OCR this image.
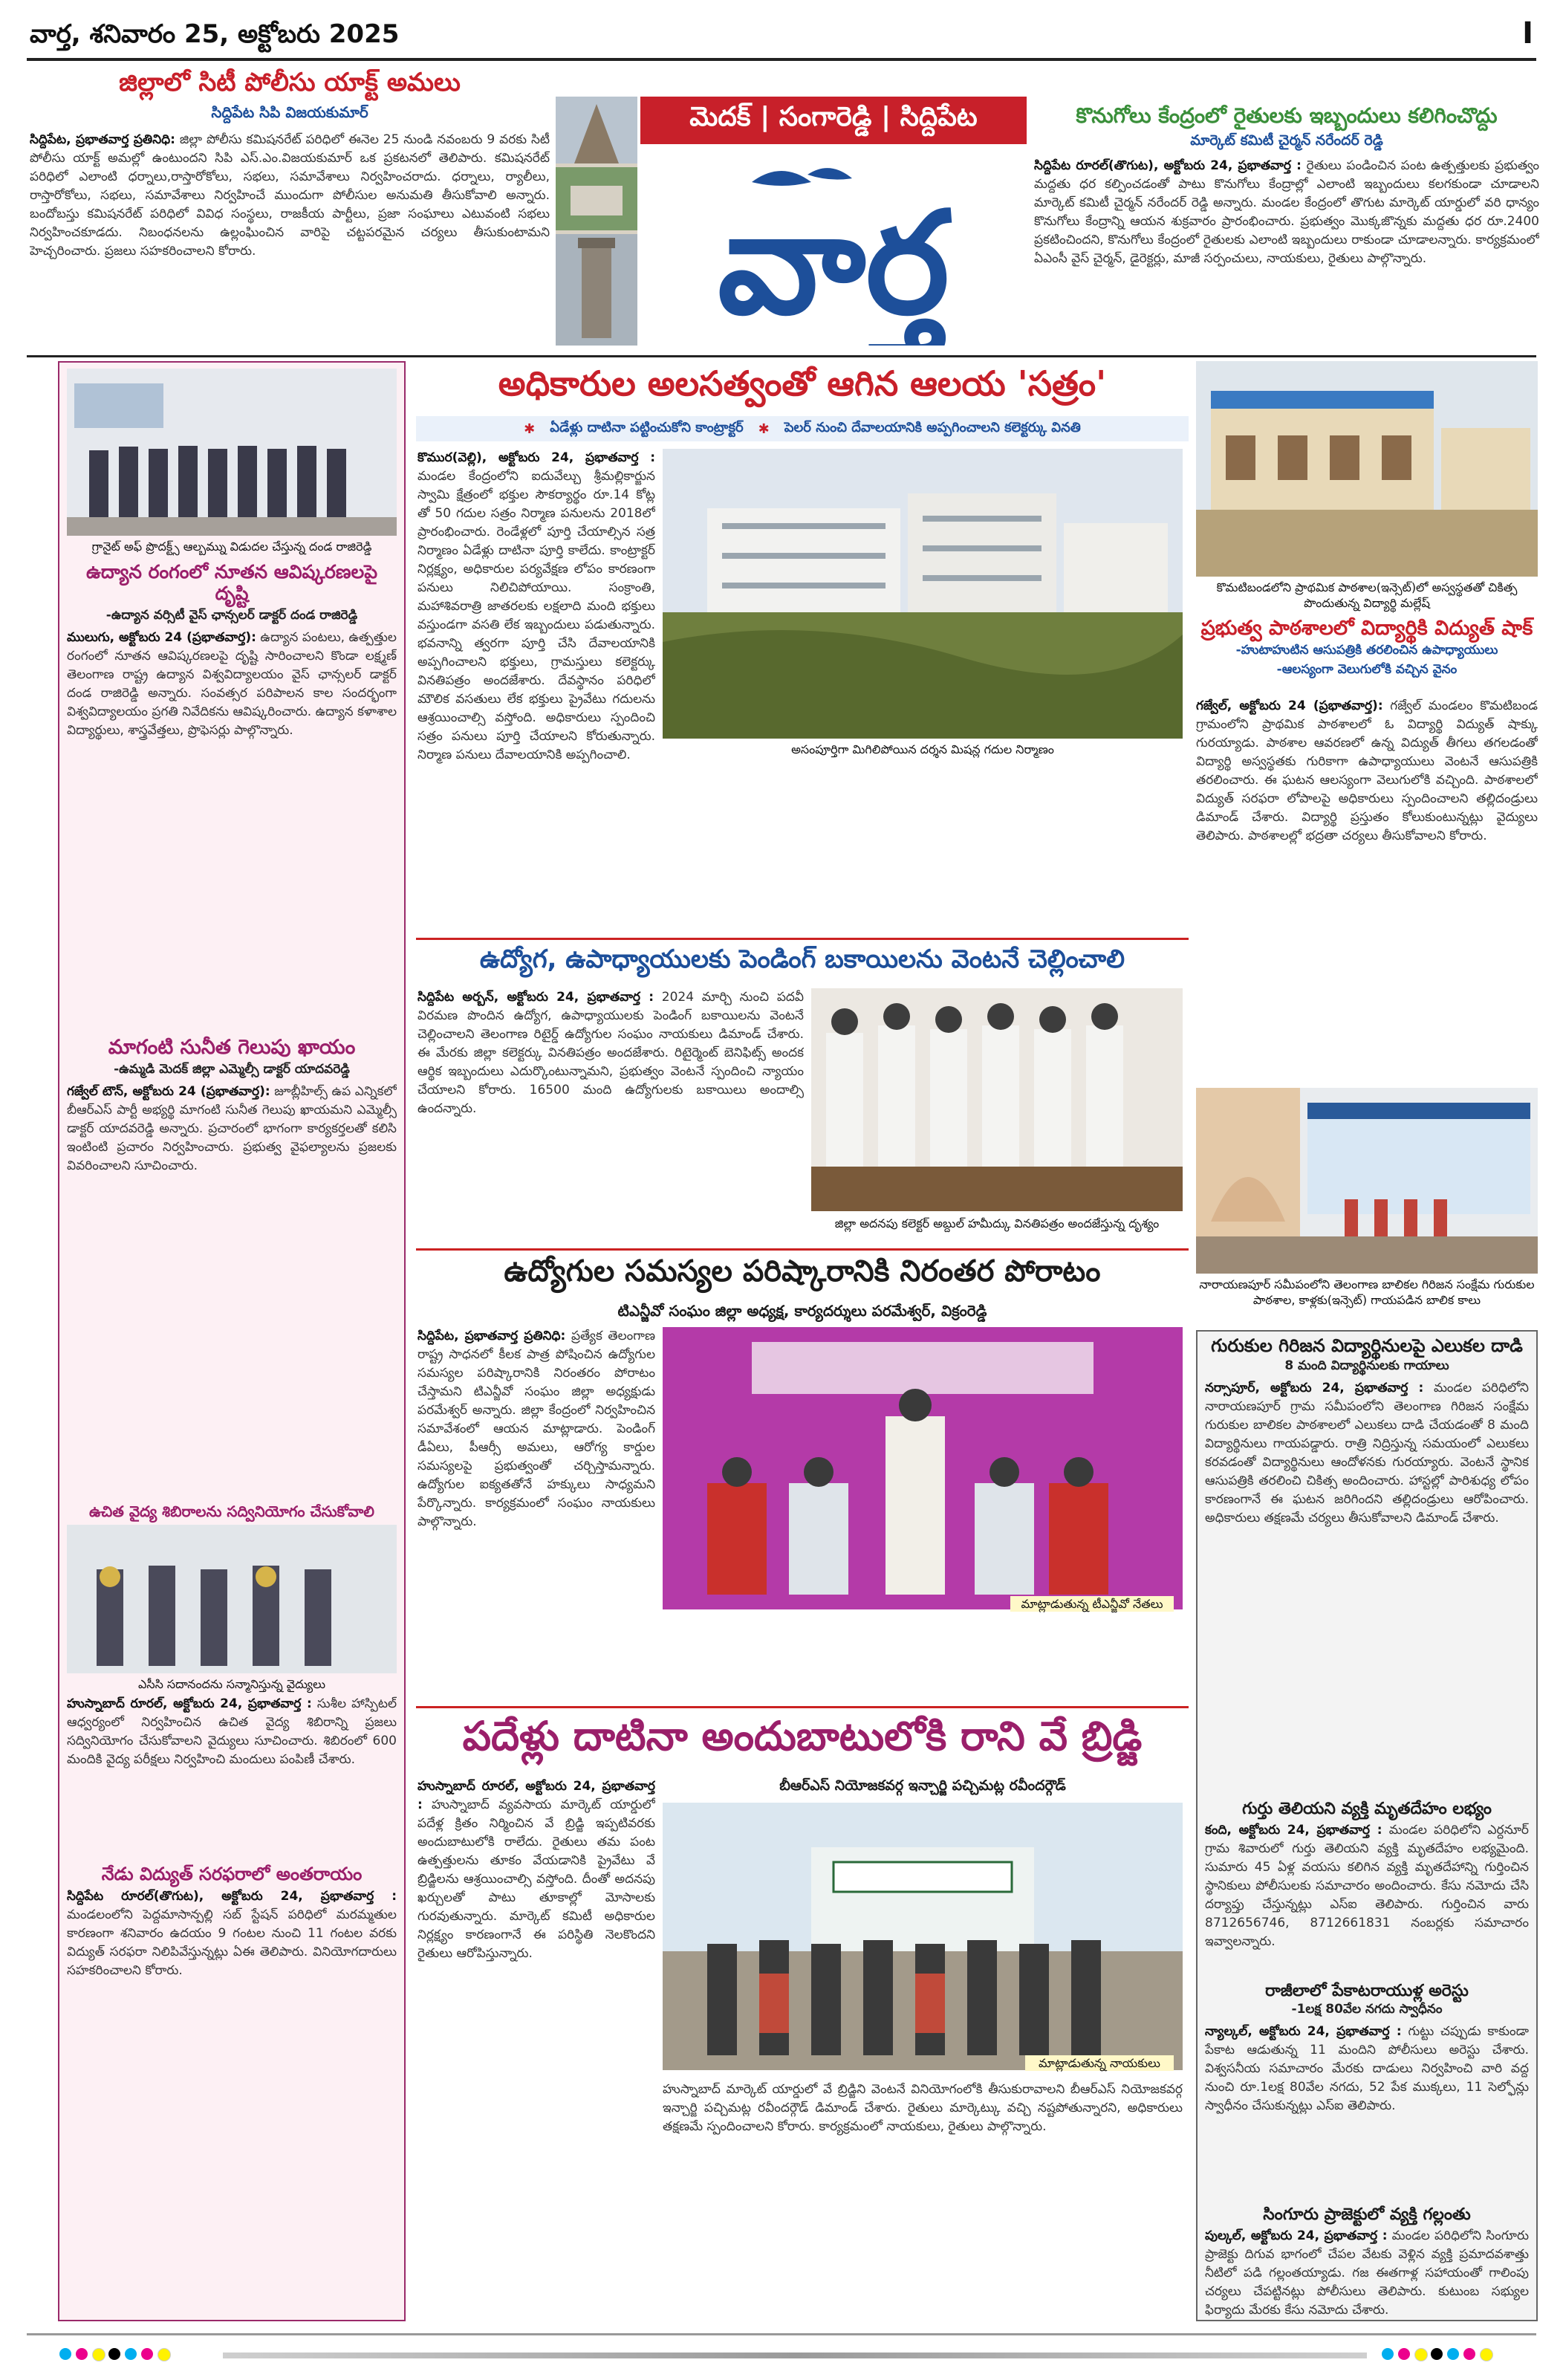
వార్త, శనివారం 25, అక్టోబరు 2025	I
జిల్లాలో సిటీ పోలీసు యాక్ట్ అమలు
సిద్దిపేట సిపి విజయకుమార్
సిద్దిపేట, ప్రభాతవార్త ప్రతినిధి: జిల్లా పోలీసు కమిషనరేట్ పరిధిలో ఈనెల 25 నుండి నవంబరు 9 వరకు సిటీ పోలీసు యాక్ట్ అమల్లో ఉంటుందని సిపి ఎస్.ఎం.విజయకుమార్ ఒక ప్రకటనలో తెలిపారు. కమిషనరేట్ పరిధిలో ఎలాంటి ధర్నాలు,రాస్తారోకోలు, సభలు, సమావేశాలు నిర్వహించరాదు. ధర్నాలు, ర్యాలీలు, రాస్తారోకోలు, సభలు, సమావేశాలు నిర్వహించే ముందుగా పోలీసుల అనుమతి తీసుకోవాలి అన్నారు. బందోబస్తు కమిషనరేట్ పరిధిలో వివిధ సంస్థలు, రాజకీయ పార్టీలు, ప్రజా సంఘాలు ఎటువంటి సభలు నిర్వహించకూడదు. నిబంధనలను ఉల్లంఘించిన వారిపై చట్టపరమైన చర్యలు తీసుకుంటామని హెచ్చరించారు. ప్రజలు సహకరించాలని కోరారు.
మెదక్ | సంగారెడ్డి | సిద్దిపేట
వార్త
కొనుగోలు కేంద్రంలో రైతులకు ఇబ్బందులు కలిగించొద్దు
మార్కెట్ కమిటీ చైర్మన్ నరేందర్ రెడ్డి
సిద్దిపేట రూరల్(తొగుట), అక్టోబరు 24, ప్రభాతవార్త : రైతులు పండించిన పంట ఉత్పత్తులకు ప్రభుత్వం మద్దతు ధర కల్పించడంతో పాటు కొనుగోలు కేంద్రాల్లో ఎలాంటి ఇబ్బందులు కలగకుండా చూడాలని మార్కెట్ కమిటీ చైర్మన్ నరేందర్ రెడ్డి అన్నారు. మండల కేంద్రంలో తొగుట మార్కెట్ యార్డులో వరి ధాన్యం కొనుగోలు కేంద్రాన్ని ఆయన శుక్రవారం ప్రారంభించారు. ప్రభుత్వం మొక్కజొన్నకు మద్దతు ధర రూ.2400 ప్రకటించిందని, కొనుగోలు కేంద్రంలో రైతులకు ఎలాంటి ఇబ్బందులు రాకుండా చూడాలన్నారు. కార్యక్రమంలో ఏఎంసీ వైస్ చైర్మన్, డైరెక్టర్లు, మాజీ సర్పంచులు, నాయకులు, రైతులు పాల్గొన్నారు.
గ్రానైట్ అఫ్ ప్రొదక్ట్స్ ఆల్బమ్ను విడుదల చేస్తున్న దండ రాజిరెడ్డి
ఉద్యాన రంగంలో నూతన ఆవిష్కరణలపై దృష్టి
-ఉద్యాన వర్సిటీ వైస్ ఛాన్సలర్ డాక్టర్ దండ రాజిరెడ్డి
ములుగు, అక్టోబరు 24 (ప్రభాతవార్త): ఉద్యాన పంటలు, ఉత్పత్తుల రంగంలో నూతన ఆవిష్కరణలపై దృష్టి సారించాలని కొండా లక్ష్మణ్ తెలంగాణ రాష్ట్ర ఉద్యాన విశ్వవిద్యాలయం వైస్ ఛాన్సలర్ డాక్టర్ దండ రాజిరెడ్డి అన్నారు. సంవత్సర పరిపాలన కాల సందర్భంగా విశ్వవిద్యాలయం ప్రగతి నివేదికను ఆవిష్కరించారు. ఉద్యాన కళాశాల విద్యార్థులు, శాస్త్రవేత్తలు, ప్రొఫెసర్లు పాల్గొన్నారు.
మాగంటి సునీత గెలుపు ఖాయం
-ఉమ్మడి మెదక్ జిల్లా ఎమ్మెల్సీ డాక్టర్ యాదవరెడ్డి
గజ్వేల్ టౌన్, అక్టోబరు 24 (ప్రభాతవార్త): జూబ్లీహిల్స్ ఉప ఎన్నికలో బీఆర్ఎస్ పార్టీ అభ్యర్థి మాగంటి సునీత గెలుపు ఖాయమని ఎమ్మెల్సీ డాక్టర్ యాదవరెడ్డి అన్నారు. ప్రచారంలో భాగంగా కార్యకర్తలతో కలిసి ఇంటింటి ప్రచారం నిర్వహించారు. ప్రభుత్వ వైఫల్యాలను ప్రజలకు వివరించాలని సూచించారు.
ఉచిత వైద్య శిబిరాలను సద్వినియోగం చేసుకోవాలి
ఎసీసి సదానందను సన్మానిస్తున్న వైద్యులు
హుస్నాబాద్ రూరల్, అక్టోబరు 24, ప్రభాతవార్త : సుశీల హాస్పిటల్ ఆధ్వర్యంలో నిర్వహించిన ఉచిత వైద్య శిబిరాన్ని ప్రజలు సద్వినియోగం చేసుకోవాలని వైద్యులు సూచించారు. శిబిరంలో 600 మందికి వైద్య పరీక్షలు నిర్వహించి మందులు పంపిణీ చేశారు.
నేడు విద్యుత్ సరఫరాలో అంతరాయం
సిద్దిపేట రూరల్(తొగుట), అక్టోబరు 24, ప్రభాతవార్త : మండలంలోని పెద్దమాసాన్పల్లి సబ్ స్టేషన్ పరిధిలో మరమ్మతుల కారణంగా శనివారం ఉదయం 9 గంటల నుంచి 11 గంటల వరకు విద్యుత్ సరఫరా నిలిపివేస్తున్నట్లు ఏఈ తెలిపారు. వినియోగదారులు సహకరించాలని కోరారు.
అధికారుల అలసత్వంతో ఆగిన ఆలయ 'సత్రం'
✱ ఏడేళ్లు దాటినా పట్టించుకోని కాంట్రాక్టర్ ✱ పెలర్ నుంచి దేవాలయానికి అప్పగించాలని కలెక్టర్కు వినతి
కొముర(వెల్లి), అక్టోబరు 24, ప్రభాతవార్త : మండల కేంద్రంలోని ఐదువేల్చు శ్రీమల్లికార్జున స్వామి క్షేత్రంలో భక్తుల సౌకర్యార్థం రూ.14 కోట్ల తో 50 గదుల సత్రం నిర్మాణ పనులను 2018లో ప్రారంభించారు. రెండేళ్లలో పూర్తి చేయాల్సిన సత్ర నిర్మాణం ఏడేళ్లు దాటినా పూర్తి కాలేదు. కాంట్రాక్టర్ నిర్లక్ష్యం, అధికారుల పర్యవేక్షణ లోపం కారణంగా పనులు నిలిచిపోయాయి. సంక్రాంతి, మహాశివరాత్రి జాతరలకు లక్షలాది మంది భక్తులు వస్తుండగా వసతి లేక ఇబ్బందులు పడుతున్నారు. భవనాన్ని త్వరగా పూర్తి చేసి దేవాలయానికి అప్పగించాలని భక్తులు, గ్రామస్తులు కలెక్టర్కు వినతిపత్రం అందజేశారు. దేవస్థానం పరిధిలో మౌలిక వసతులు లేక భక్తులు ప్రైవేటు గదులను ఆశ్రయించాల్సి వస్తోంది. అధికారులు స్పందించి సత్రం పనులు పూర్తి చేయాలని కోరుతున్నారు. నిర్మాణ పనులు దేవాలయానికి అప్పగించాలి.	అసంపూర్తిగా మిగిలిపోయిన దర్శన మిషన్ల గదుల నిర్మాణం
ఉద్యోగ, ఉపాధ్యాయులకు పెండింగ్ బకాయిలను వెంటనే చెల్లించాలి
సిద్దిపేట అర్బన్, అక్టోబరు 24, ప్రభాతవార్త : 2024 మార్చి నుంచి పదవీ విరమణ పొందిన ఉద్యోగ, ఉపాధ్యాయులకు పెండింగ్ బకాయిలను వెంటనే చెల్లించాలని తెలంగాణ రిటైర్డ్ ఉద్యోగుల సంఘం నాయకులు డిమాండ్ చేశారు. ఈ మేరకు జిల్లా కలెక్టర్కు వినతిపత్రం అందజేశారు. రిటైర్మెంట్ బెనిఫిట్స్ అందక ఆర్థిక ఇబ్బందులు ఎదుర్కొంటున్నామని, ప్రభుత్వం వెంటనే స్పందించి న్యాయం చేయాలని కోరారు. 16500 మంది ఉద్యోగులకు బకాయిలు అందాల్సి ఉందన్నారు.
జిల్లా అదనపు కలెక్టర్ అబ్దుల్ హమీద్కు వినతిపత్రం అందజేస్తున్న దృశ్యం
ఉద్యోగుల సమస్యల పరిష్కారానికి నిరంతర పోరాటం
టిఎన్జీవో సంఘం జిల్లా అధ్యక్ష, కార్యదర్శులు పరమేశ్వర్, విక్రంరెడ్డి
సిద్దిపేట, ప్రభాతవార్త ప్రతినిధి: ప్రత్యేక తెలంగాణ రాష్ట్ర సాధనలో కీలక పాత్ర పోషించిన ఉద్యోగుల సమస్యల పరిష్కారానికి నిరంతరం పోరాటం చేస్తామని టిఎన్జీవో సంఘం జిల్లా అధ్యక్షుడు పరమేశ్వర్ అన్నారు. జిల్లా కేంద్రంలో నిర్వహించిన సమావేశంలో ఆయన మాట్లాడారు. పెండింగ్ డీఏలు, పీఆర్సీ అమలు, ఆరోగ్య కార్డుల సమస్యలపై ప్రభుత్వంతో చర్చిస్తామన్నారు. ఉద్యోగుల ఐక్యతతోనే హక్కులు సాధ్యమని పేర్కొన్నారు. కార్యక్రమంలో సంఘం నాయకులు పాల్గొన్నారు.
మాట్లాడుతున్న టీఎన్జీవో నేతలు
పదేళ్లు దాటినా అందుబాటులోకి రాని వే బ్రిడ్జి
హుస్నాబాద్ రూరల్, అక్టోబరు 24, ప్రభాతవార్త : హుస్నాబాద్ వ్యవసాయ మార్కెట్ యార్డులో పదేళ్ల క్రితం నిర్మించిన వే బ్రిడ్జి ఇప్పటివరకు అందుబాటులోకి రాలేదు. రైతులు తమ పంట ఉత్పత్తులను తూకం వేయడానికి ప్రైవేటు వే బ్రిడ్జిలను ఆశ్రయించాల్సి వస్తోంది. దీంతో అదనపు ఖర్చులతో పాటు తూకాల్లో మోసాలకు గురవుతున్నారు. మార్కెట్ కమిటీ అధికారుల నిర్లక్ష్యం కారణంగానే ఈ పరిస్థితి నెలకొందని రైతులు ఆరోపిస్తున్నారు.
బీఆర్ఎస్ నియోజకవర్గ ఇన్చార్జి పచ్చిమట్ల రవీందర్గౌడ్
మాట్లాడుతున్న నాయకులు
హుస్నాబాద్ మార్కెట్ యార్డులో వే బ్రిడ్జిని వెంటనే వినియోగంలోకి తీసుకురావాలని బీఆర్ఎస్ నియోజకవర్గ ఇన్చార్జి పచ్చిమట్ల రవీందర్గౌడ్ డిమాండ్ చేశారు. రైతులు మార్కెట్కు వచ్చి నష్టపోతున్నారని, అధికారులు తక్షణమే స్పందించాలని కోరారు. కార్యక్రమంలో నాయకులు, రైతులు పాల్గొన్నారు.
కొమటిబండలోని ప్రాథమిక పాఠశాల(ఇన్సెట్)లో అస్వస్థతతో చికిత్స పొందుతున్న విద్యార్థి మల్లేష్
ప్రభుత్వ పాఠశాలలో విద్యార్థికి విద్యుత్ షాక్
-హుటాహుటిన ఆసుపత్రికి తరలించిన ఉపాధ్యాయులు
-ఆలస్యంగా వెలుగులోకి వచ్చిన వైనం
గజ్వేల్, అక్టోబరు 24 (ప్రభాతవార్త): గజ్వేల్ మండలం కొమటిబండ గ్రామంలోని ప్రాథమిక పాఠశాలలో ఓ విద్యార్థి విద్యుత్ షాక్కు గురయ్యాడు. పాఠశాల ఆవరణలో ఉన్న విద్యుత్ తీగలు తగలడంతో విద్యార్థి అస్వస్థతకు గురికాగా ఉపాధ్యాయులు వెంటనే ఆసుపత్రికి తరలించారు. ఈ ఘటన ఆలస్యంగా వెలుగులోకి వచ్చింది. పాఠశాలలో విద్యుత్ సరఫరా లోపాలపై అధికారులు స్పందించాలని తల్లిదండ్రులు డిమాండ్ చేశారు. విద్యార్థి ప్రస్తుతం కోలుకుంటున్నట్లు వైద్యులు తెలిపారు. పాఠశాలల్లో భద్రతా చర్యలు తీసుకోవాలని కోరారు.
నారాయణపూర్ సమీపంలోని తెలంగాణ బాలికల గిరిజన సంక్షేమ గురుకుల పాఠశాల, కాళ్లకు(ఇన్సెట్) గాయపడిన బాలిక కాలు
గురుకుల గిరిజన విద్యార్థినులపై ఎలుకల దాడి
8 మంది విద్యార్థినులకు గాయాలు
నర్సాపూర్, అక్టోబరు 24, ప్రభాతవార్త : మండల పరిధిలోని నారాయణపూర్ గ్రామ సమీపంలోని తెలంగాణ గిరిజన సంక్షేమ గురుకుల బాలికల పాఠశాలలో ఎలుకలు దాడి చేయడంతో 8 మంది విద్యార్థినులు గాయపడ్డారు. రాత్రి నిద్రిస్తున్న సమయంలో ఎలుకలు కరవడంతో విద్యార్థినులు ఆందోళనకు గురయ్యారు. వెంటనే స్థానిక ఆసుపత్రికి తరలించి చికిత్స అందించారు. హాస్టల్లో పారిశుధ్య లోపం కారణంగానే ఈ ఘటన జరిగిందని తల్లిదండ్రులు ఆరోపించారు. అధికారులు తక్షణమే చర్యలు తీసుకోవాలని డిమాండ్ చేశారు.
గుర్తు తెలియని వ్యక్తి మృతదేహం లభ్యం
కంది, అక్టోబరు 24, ప్రభాతవార్త : మండల పరిధిలోని ఎర్దనూర్ గ్రామ శివారులో గుర్తు తెలియని వ్యక్తి మృతదేహం లభ్యమైంది. సుమారు 45 ఏళ్ల వయసు కలిగిన వ్యక్తి మృతదేహాన్ని గుర్తించిన స్థానికులు పోలీసులకు సమాచారం అందించారు. కేసు నమోదు చేసి దర్యాప్తు చేస్తున్నట్లు ఎస్ఐ తెలిపారు. గుర్తించిన వారు 8712656746, 8712661831 నంబర్లకు సమాచారం ఇవ్వాలన్నారు.
రాజీలాలో పేకాటరాయుళ్ల అరెస్టు
-1లక్ష 80వేల నగదు స్వాధీనం
న్యాల్కల్, అక్టోబరు 24, ప్రభాతవార్త : గుట్టు చప్పుడు కాకుండా పేకాట ఆడుతున్న 11 మందిని పోలీసులు అరెస్టు చేశారు. విశ్వసనీయ సమాచారం మేరకు దాడులు నిర్వహించి వారి వద్ద నుంచి రూ.1లక్ష 80వేల నగదు, 52 పేక ముక్కలు, 11 సెల్ఫోన్లు స్వాధీనం చేసుకున్నట్లు ఎస్ఐ తెలిపారు.
సింగూరు ప్రాజెక్టులో వ్యక్తి గల్లంతు
పుల్కల్, అక్టోబరు 24, ప్రభాతవార్త : మండల పరిధిలోని సింగూరు ప్రాజెక్టు దిగువ భాగంలో చేపల వేటకు వెళ్లిన వ్యక్తి ప్రమాదవశాత్తు నీటిలో పడి గల్లంతయ్యాడు. గజ ఈతగాళ్ల సహాయంతో గాలింపు చర్యలు చేపట్టినట్లు పోలీసులు తెలిపారు. కుటుంబ సభ్యుల ఫిర్యాదు మేరకు కేసు నమోదు చేశారు.
